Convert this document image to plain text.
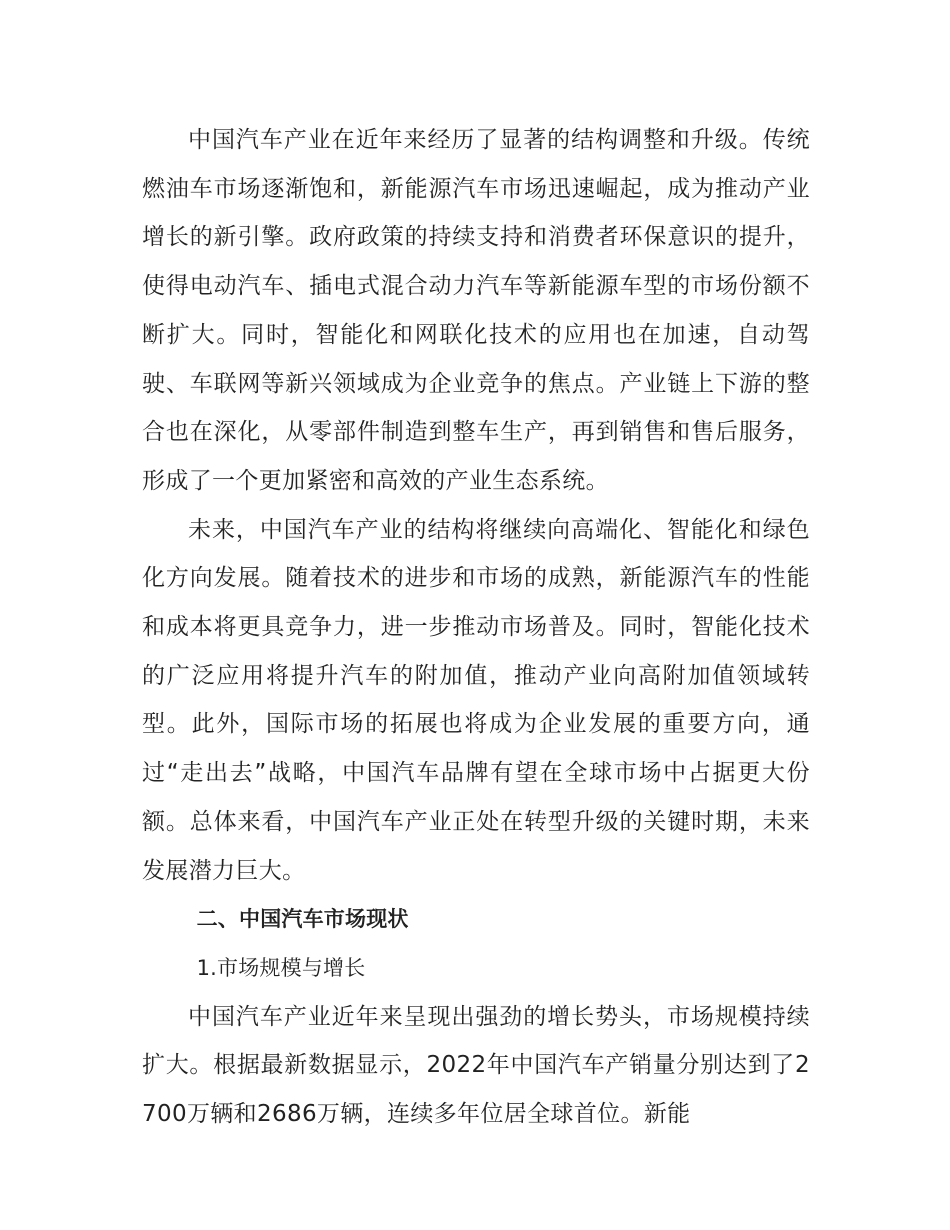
中国汽车产业在近年来经历了显著的结构调整和升级。传统燃油车市场逐渐饱和，新能源汽车市场迅速崛起，成为推动产业增长的新引擎。政府政策的持续支持和消费者环保意识的提升，使得电动汽车、插电式混合动力汽车等新能源车型的市场份额不断扩大。同时，智能化和网联化技术的应用也在加速，自动驾驶、车联网等新兴领域成为企业竞争的焦点。产业链上下游的整合也在深化，从零部件制造到整车生产，再到销售和售后服务，形成了一个更加紧密和高效的产业生态系统。

未来，中国汽车产业的结构将继续向高端化、智能化和绿色化方向发展。随着技术的进步和市场的成熟，新能源汽车的性能和成本将更具竞争力，进一步推动市场普及。同时，智能化技术的广泛应用将提升汽车的附加值，推动产业向高附加值领域转型。此外，国际市场的拓展也将成为企业发展的重要方向，通过“走出去”战略，中国汽车品牌有望在全球市场中占据更大份额。总体来看，中国汽车产业正处在转型升级的关键时期，未来发展潜力巨大。

二、中国汽车市场现状

1.市场规模与增长

中国汽车产业近年来呈现出强劲的增长势头，市场规模持续扩大。根据最新数据显示，2022年中国汽车产销量分别达到了2700万辆和2686万辆，连续多年位居全球首位。新能
